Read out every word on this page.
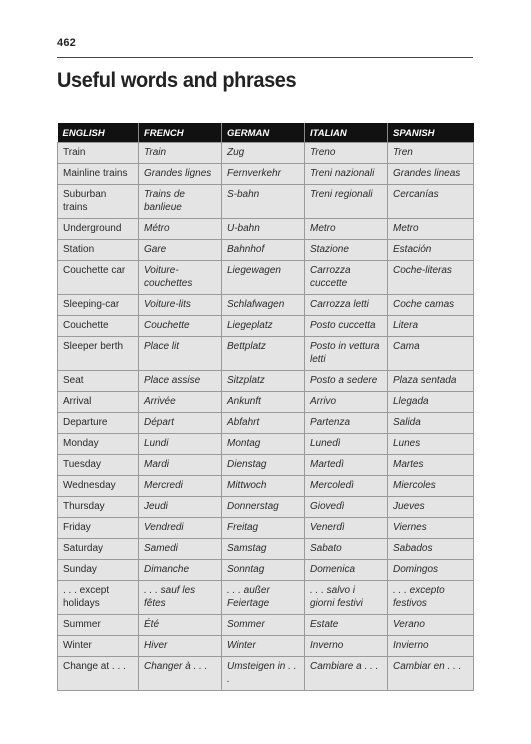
462
Useful words and phrases
ENGLISH	FRENCH	GERMAN	ITALIAN	SPANISH
Train	Train	Zug	Treno	Tren
Mainline trains	Grandes lignes	Fernverkehr	Treni nazionali	Grandes lineas
Suburban trains	Trains de banlieue	S-bahn	Treni regionali	Cercanías
Underground	Métro	U-bahn	Metro	Metro
Station	Gare	Bahnhof	Stazione	Estación
Couchette car	Voiture-couchettes	Liegewagen	Carrozza cuccette	Coche-literas
Sleeping-car	Voiture-lits	Schlafwagen	Carrozza letti	Coche camas
Couchette	Couchette	Liegeplatz	Posto cuccetta	Litera
Sleeper berth	Place lit	Bettplatz	Posto in vettura letti	Cama
Seat	Place assise	Sitzplatz	Posto a sedere	Plaza sentada
Arrival	Arrivée	Ankunft	Arrivo	Llegada
Departure	Départ	Abfahrt	Partenza	Salida
Monday	Lundi	Montag	Lunedì	Lunes
Tuesday	Mardi	Dienstag	Martedì	Martes
Wednesday	Mercredi	Mittwoch	Mercoledì	Miercoles
Thursday	Jeudi	Donnerstag	Giovedì	Jueves
Friday	Vendredi	Freitag	Venerdì	Viernes
Saturday	Samedi	Samstag	Sabato	Sabados
Sunday	Dimanche	Sonntag	Domenica	Domingos
. . . except holidays	. . . sauf les fêtes	. . . außer Feiertage	. . . salvo i giorni festivi	. . . excepto festivos
Summer	Été	Sommer	Estate	Verano
Winter	Hiver	Winter	Inverno	Invierno
Change at . . .	Changer à . . .	Umsteigen in . . .	Cambiare a . . .	Cambiar en . . .
